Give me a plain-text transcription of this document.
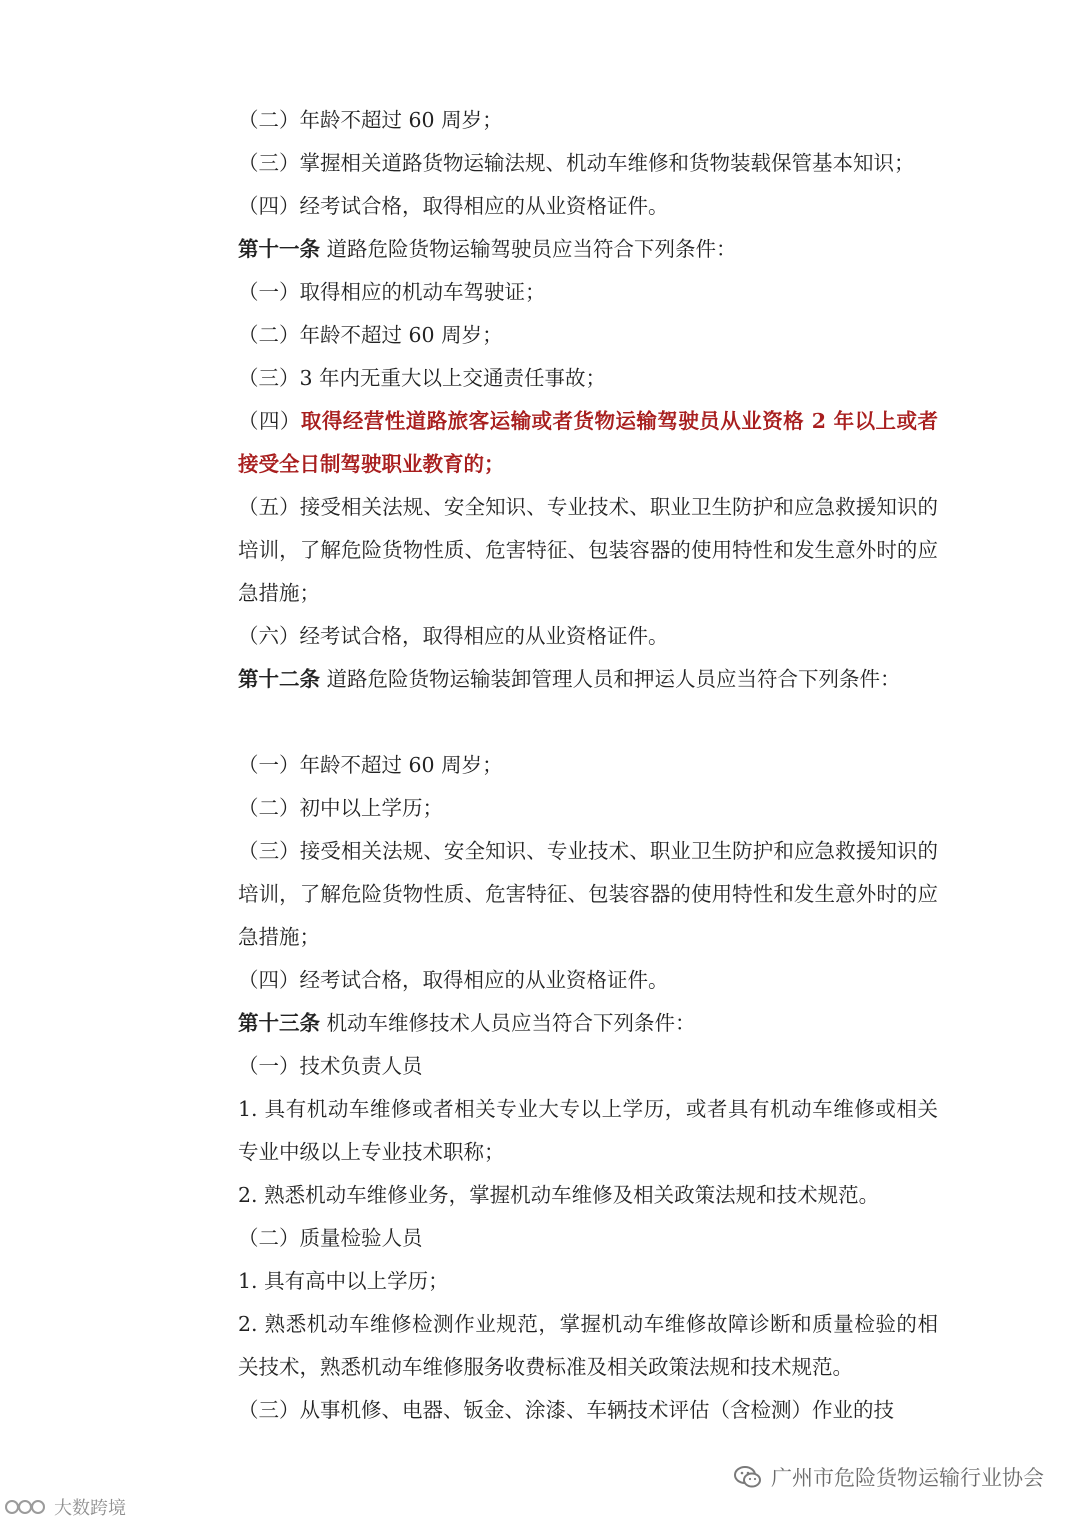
（二）年龄不超过 60 周岁；
（三）掌握相关道路货物运输法规、机动车维修和货物装载保管基本知识；
（四）经考试合格，取得相应的从业资格证件。
第十一条 道路危险货物运输驾驶员应当符合下列条件：
（一）取得相应的机动车驾驶证；
（二）年龄不超过 60 周岁；
（三）3 年内无重大以上交通责任事故；
（四）取得经营性道路旅客运输或者货物运输驾驶员从业资格 2 年以上或者接受全日制驾驶职业教育的；
（五）接受相关法规、安全知识、专业技术、职业卫生防护和应急救援知识的培训，了解危险货物性质、危害特征、包装容器的使用特性和发生意外时的应急措施；
（六）经考试合格，取得相应的从业资格证件。
第十二条 道路危险货物运输装卸管理人员和押运人员应当符合下列条件：
（一）年龄不超过 60 周岁；
（二）初中以上学历；
（三）接受相关法规、安全知识、专业技术、职业卫生防护和应急救援知识的培训，了解危险货物性质、危害特征、包装容器的使用特性和发生意外时的应急措施；
（四）经考试合格，取得相应的从业资格证件。
第十三条 机动车维修技术人员应当符合下列条件：
（一）技术负责人员
1. 具有机动车维修或者相关专业大专以上学历，或者具有机动车维修或相关专业中级以上专业技术职称；
2. 熟悉机动车维修业务，掌握机动车维修及相关政策法规和技术规范。
（二）质量检验人员
1. 具有高中以上学历；
2. 熟悉机动车维修检测作业规范，掌握机动车维修故障诊断和质量检验的相关技术，熟悉机动车维修服务收费标准及相关政策法规和技术规范。
（三）从事机修、电器、钣金、涂漆、车辆技术评估（含检测）作业的技
广州市危险货物运输行业协会
大数跨境
